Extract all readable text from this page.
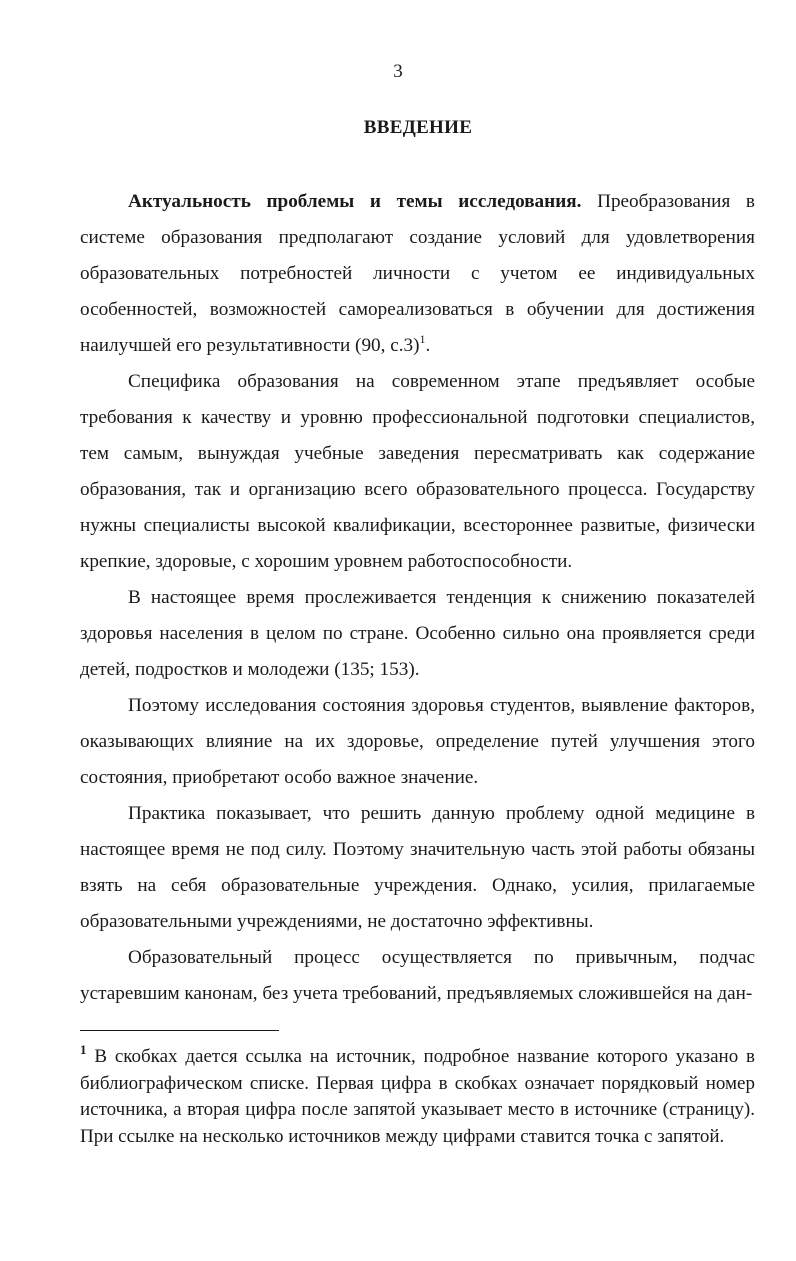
3
ВВЕДЕНИЕ

Актуальность проблемы и темы исследования. Преобразования в системе образования предполагают создание условий для удовлетворения образовательных потребностей личности с учетом ее индивидуальных особенностей, возможностей самореализоваться в обучении для достижения наилучшей его результативности (90, с.3)$^1$.

Специфика образования на современном этапе предъявляет особые требования к качеству и уровню профессиональной подготовки специалистов, тем самым, вынуждая учебные заведения пересматривать как содержание образования, так и организацию всего образовательного процесса. Государству нужны специалисты высокой квалификации, всестороннее развитые, физически крепкие, здоровые, с хорошим уровнем работоспособности.

В настоящее время прослеживается тенденция к снижению показателей здоровья населения в целом по стране. Особенно сильно она проявляется среди детей, подростков и молодежи (135; 153).

Поэтому исследования состояния здоровья студентов, выявление факторов, оказывающих влияние на их здоровье, определение путей улучшения этого состояния, приобретают особо важное значение.

Практика показывает, что решить данную проблему одной медицине в настоящее время не под силу. Поэтому значительную часть этой работы обязаны взять на себя образовательные учреждения. Однако, усилия, прилагаемые образовательными учреждениями, не достаточно эффективны.

Образовательный процесс осуществляется по привычным, подчас устаревшим канонам, без учета требований, предъявляемых сложившейся на дан-

$^1$ В скобках дается ссылка на источник, подробное название которого указано в библиографическом списке. Первая цифра в скобках означает порядковый номер источника, а вторая цифра после запятой указывает место в источнике (страницу). При ссылке на несколько источников между цифрами ставится точка с запятой.
